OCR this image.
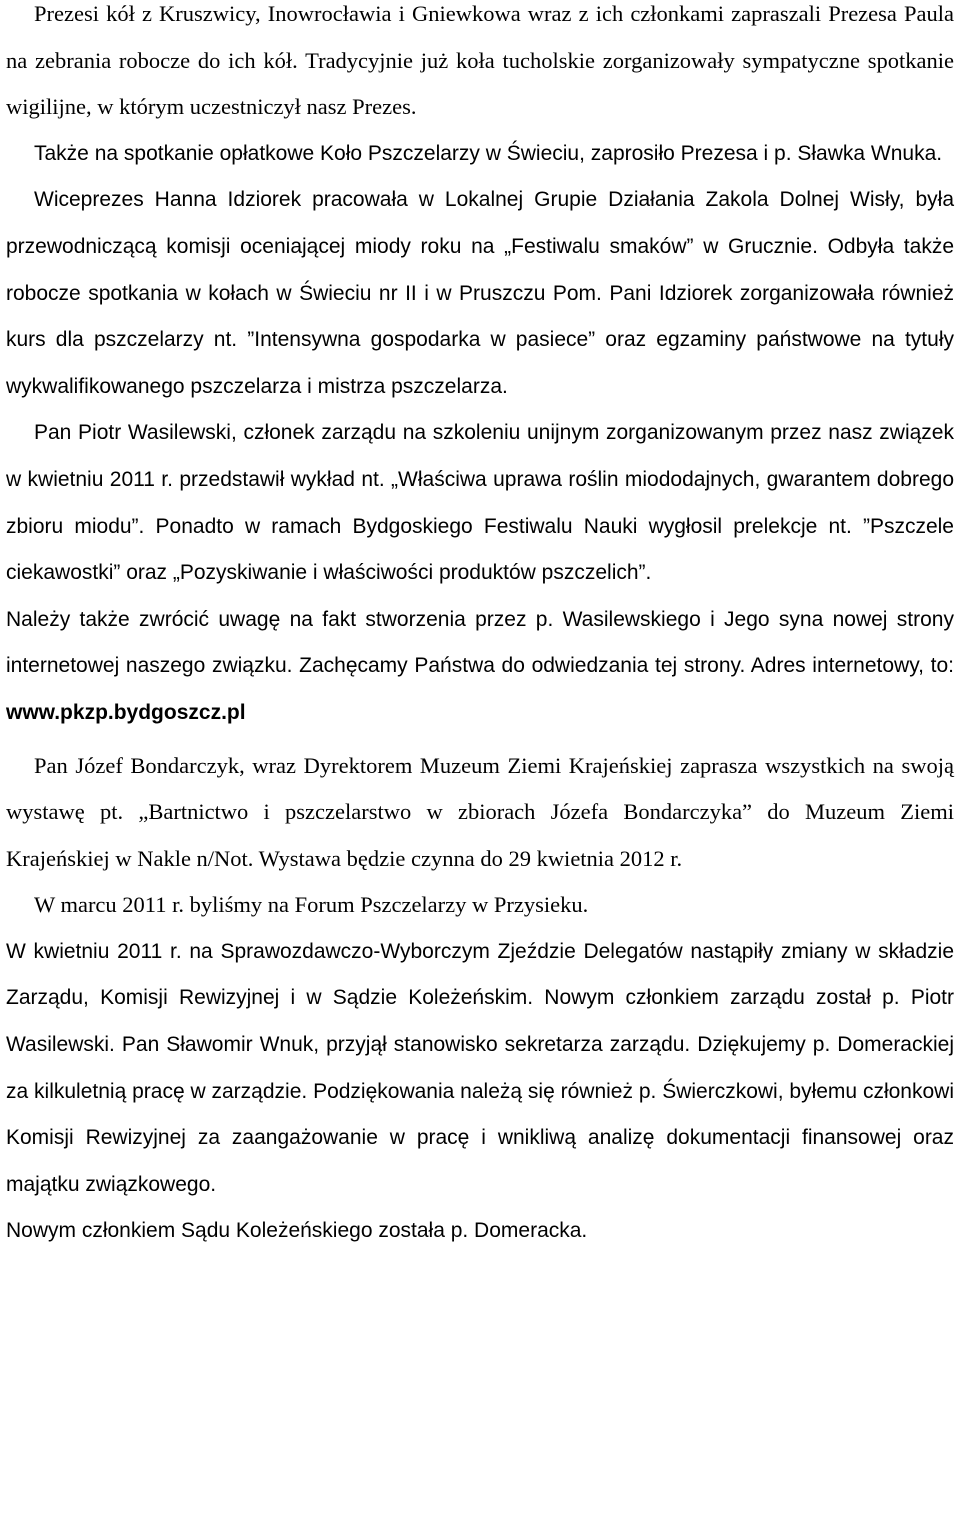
Prezesi kół z Kruszwicy, Inowrocławia i Gniewkowa wraz z ich członkami zapraszali Prezesa Paula na zebrania robocze do ich kół. Tradycyjnie już koła tucholskie zorganizowały sympatyczne spotkanie wigilijne, w którym uczestniczył nasz Prezes.

Także na spotkanie opłatkowe Koło Pszczelarzy w Świeciu, zaprosiło Prezesa i p. Sławka Wnuka.

Wiceprezes Hanna Idziorek pracowała w Lokalnej Grupie Działania Zakola Dolnej Wisły, była przewodniczącą komisji oceniającej miody roku na „Festiwalu smaków” w Grucznie. Odbyła także robocze spotkania w kołach w Świeciu nr II i w Pruszczu Pom. Pani Idziorek zorganizowała również kurs dla pszczelarzy nt. ”Intensywna gospodarka w pasiece” oraz egzaminy państwowe na tytuły wykwalifikowanego pszczelarza i mistrza pszczelarza.

Pan Piotr Wasilewski, członek zarządu na szkoleniu unijnym zorganizowanym przez nasz związek w kwietniu 2011 r. przedstawił wykład nt. „Właściwa uprawa roślin miododajnych, gwarantem dobrego zbioru miodu”. Ponadto w ramach Bydgoskiego Festiwalu Nauki wygłosil prelekcje nt. ”Pszczele ciekawostki” oraz „Pozyskiwanie i właściwości produktów pszczelich”.

Należy także zwrócić uwagę na fakt stworzenia przez p. Wasilewskiego i Jego syna nowej strony internetowej naszego związku. Zachęcamy Państwa do odwiedzania tej strony. Adres internetowy, to: www.pkzp.bydgoszcz.pl

Pan Józef Bondarczyk, wraz Dyrektorem Muzeum Ziemi Krajeńskiej zaprasza wszystkich na swoją wystawę pt. „Bartnictwo i pszczelarstwo w zbiorach Józefa Bondarczyka” do Muzeum Ziemi Krajeńskiej w Nakle n/Not. Wystawa będzie czynna do 29 kwietnia 2012 r.

W marcu 2011 r. byliśmy na Forum Pszczelarzy w Przysieku.

W kwietniu 2011 r. na Sprawozdawczo-Wyborczym Zjeździe Delegatów nastąpiły zmiany w składzie Zarządu, Komisji Rewizyjnej i w Sądzie Koleżeńskim. Nowym członkiem zarządu został p. Piotr Wasilewski. Pan Sławomir Wnuk, przyjął stanowisko sekretarza zarządu. Dziękujemy p. Domerackiej za kilkuletnią pracę w zarządzie. Podziękowania należą się również p. Świerczkowi, byłemu członkowi Komisji Rewizyjnej za zaangażowanie w pracę i wnikliwą analizę dokumentacji finansowej oraz majątku związkowego.

Nowym członkiem Sądu Koleżeńskiego została p. Domeracka.
